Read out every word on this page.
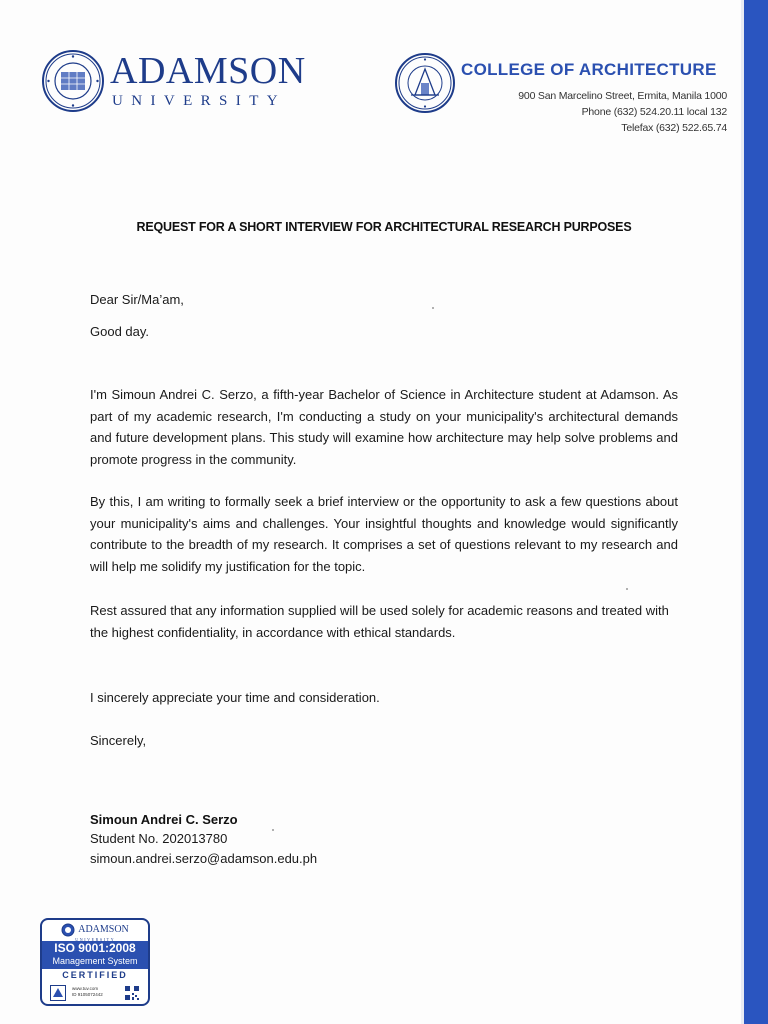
ADAMSON
UNIVERSITY
COLLEGE OF ARCHITECTURE
900 San Marcelino Street, Ermita, Manila 1000
Phone (632) 524.20.11 local 132
Telefax (632) 522.65.74
REQUEST FOR A SHORT INTERVIEW FOR ARCHITECTURAL RESEARCH PURPOSES
Dear Sir/Ma’am,
Good day.
I'm Simoun Andrei C. Serzo, a fifth-year Bachelor of Science in Architecture student at Adamson. As part of my academic research, I'm conducting a study on your municipality's architectural demands and future development plans. This study will examine how architecture may help solve problems and promote progress in the community.
By this, I am writing to formally seek a brief interview or the opportunity to ask a few questions about your municipality's aims and challenges. Your insightful thoughts and knowledge would significantly contribute to the breadth of my research. It comprises a set of questions relevant to my research and will help me solidify my justification for the topic.
Rest assured that any information supplied will be used solely for academic reasons and treated with the highest confidentiality, in accordance with ethical standards.
I sincerely appreciate your time and consideration.
Sincerely,
Simoun Andrei C. Serzo
Student No. 202013780
simoun.andrei.serzo@adamson.edu.ph
ADAMSON
UNIVERSITY
ISO 9001:2008
Management System
CERTIFIED
www.tuv.com
ID 9105072442
